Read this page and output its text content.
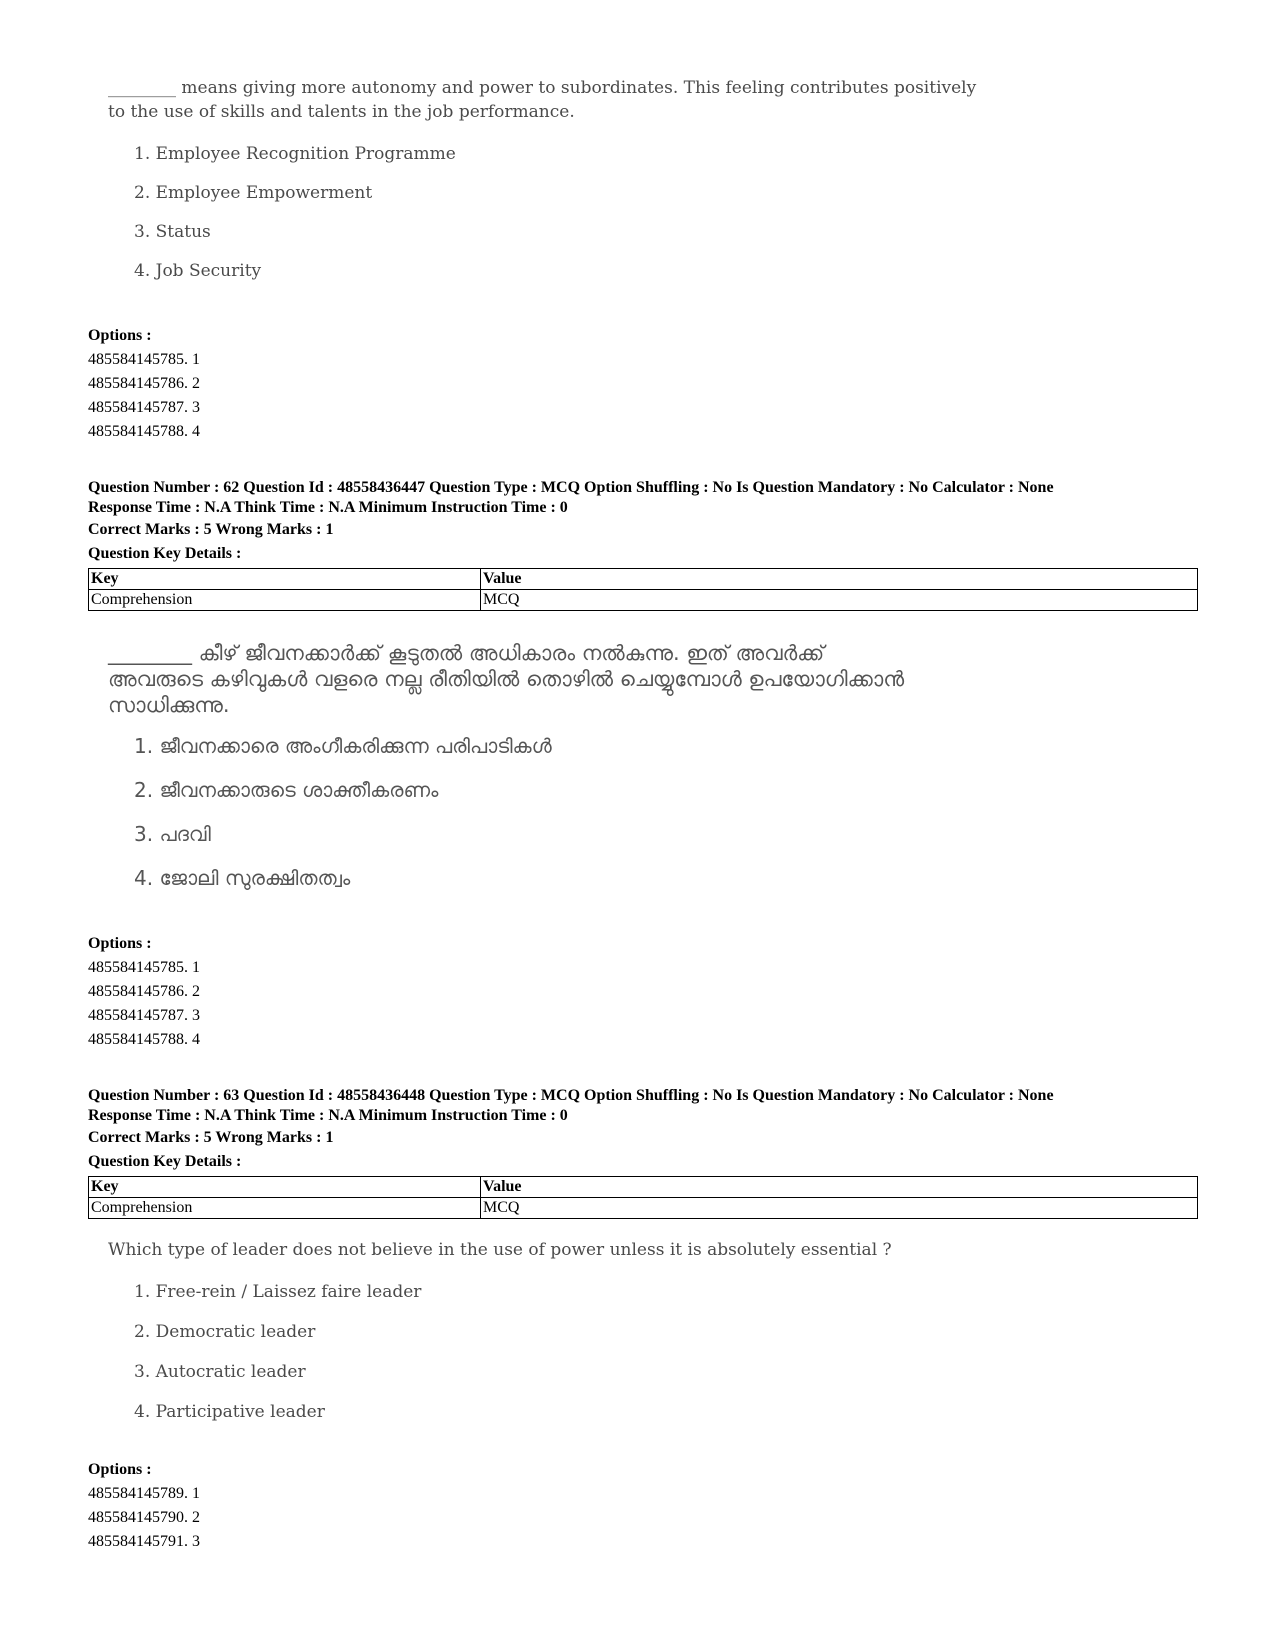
________ means giving more autonomy and power to subordinates. This feeling contributes positively to the use of skills and talents in the job performance.
1. Employee Recognition Programme
2. Employee Empowerment
3. Status
4. Job Security
Options :
485584145785. 1
485584145786. 2
485584145787. 3
485584145788. 4
Question Number : 62 Question Id : 48558436447 Question Type : MCQ Option Shuffling : No Is Question Mandatory : No Calculator : None
Response Time : N.A Think Time : N.A Minimum Instruction Time : 0
Correct Marks : 5 Wrong Marks : 1
Question Key Details :
Key	Value
Comprehension	MCQ
________ കീഴ് ജീവനക്കാർക്ക് കൂടുതൽ അധികാരം നൽകുന്നു. ഇത് അവർക്ക് അവരുടെ കഴിവുകൾ വളരെ നല്ല രീതിയിൽ തൊഴിൽ ചെയ്യുമ്പോൾ ഉപയോഗിക്കാൻ സാധിക്കുന്നു.
1. ജീവനക്കാരെ അംഗീകരിക്കുന്ന പരിപാടികൾ
2. ജീവനക്കാരുടെ ശാക്തീകരണം
3. പദവി
4. ജോലി സുരക്ഷിതത്വം
Options :
485584145785. 1
485584145786. 2
485584145787. 3
485584145788. 4
Question Number : 63 Question Id : 48558436448 Question Type : MCQ Option Shuffling : No Is Question Mandatory : No Calculator : None
Response Time : N.A Think Time : N.A Minimum Instruction Time : 0
Correct Marks : 5 Wrong Marks : 1
Question Key Details :
Key	Value
Comprehension	MCQ
Which type of leader does not believe in the use of power unless it is absolutely essential ?
1. Free-rein / Laissez faire leader
2. Democratic leader
3. Autocratic leader
4. Participative leader
Options :
485584145789. 1
485584145790. 2
485584145791. 3
